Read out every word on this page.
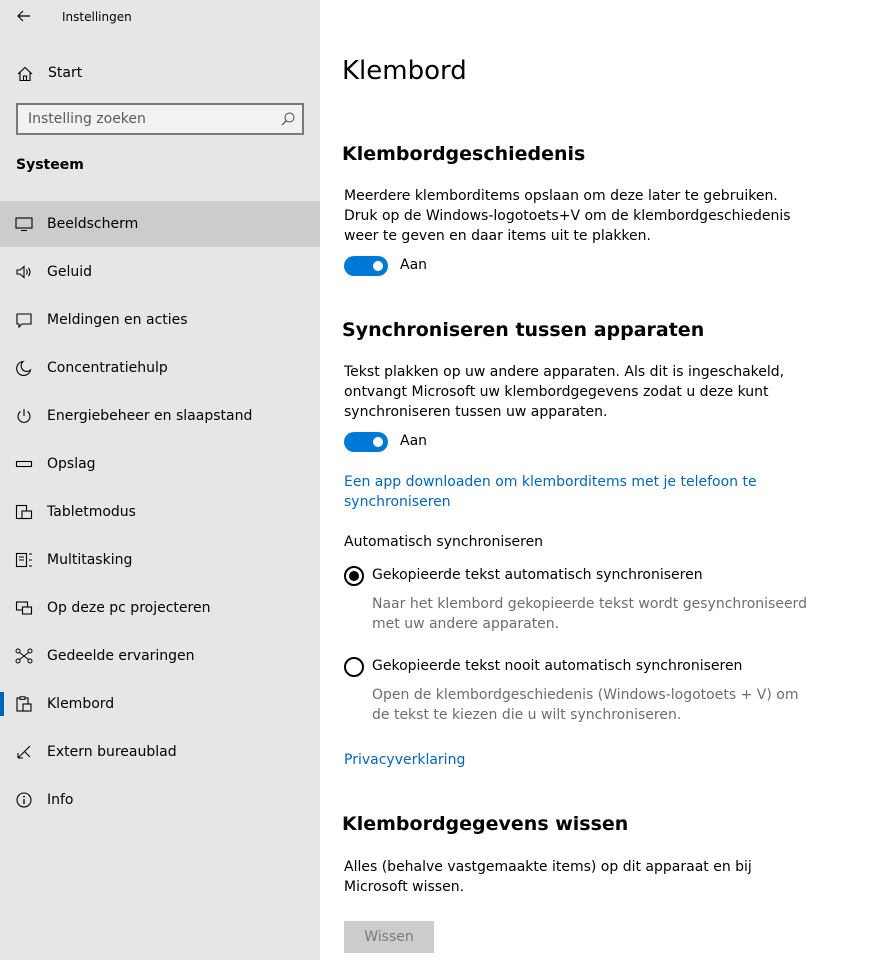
Instellingen
Start
Instelling zoeken
Systeem
Beeldscherm
Geluid
Meldingen en acties
Concentratiehulp
Energiebeheer en slaapstand
Opslag
Tabletmodus
Multitasking
Op deze pc projecteren
Gedeelde ervaringen
Klembord
Extern bureaublad
Info
Klembord
Klembordgeschiedenis

Meerdere klemborditems opslaan om deze later te gebruiken. Druk op de Windows-logotoets+V om de klembordgeschiedenis weer te geven en daar items uit te plakken.

Aan
Synchroniseren tussen apparaten

Tekst plakken op uw andere apparaten. Als dit is ingeschakeld, ontvangt Microsoft uw klembordgegevens zodat u deze kunt synchroniseren tussen uw apparaten.

Aan
Een app downloaden om klemborditems met je telefoon te synchroniseren

Automatisch synchroniseren

Gekopieerde tekst automatisch synchroniseren

Naar het klembord gekopieerde tekst wordt gesynchroniseerd met uw andere apparaten.

Gekopieerde tekst nooit automatisch synchroniseren

Open de klembordgeschiedenis (Windows-logotoets + V) om de tekst te kiezen die u wilt synchroniseren.

Privacyverklaring
Klembordgegevens wissen

Alles (behalve vastgemaakte items) op dit apparaat en bij Microsoft wissen.

Wissen
